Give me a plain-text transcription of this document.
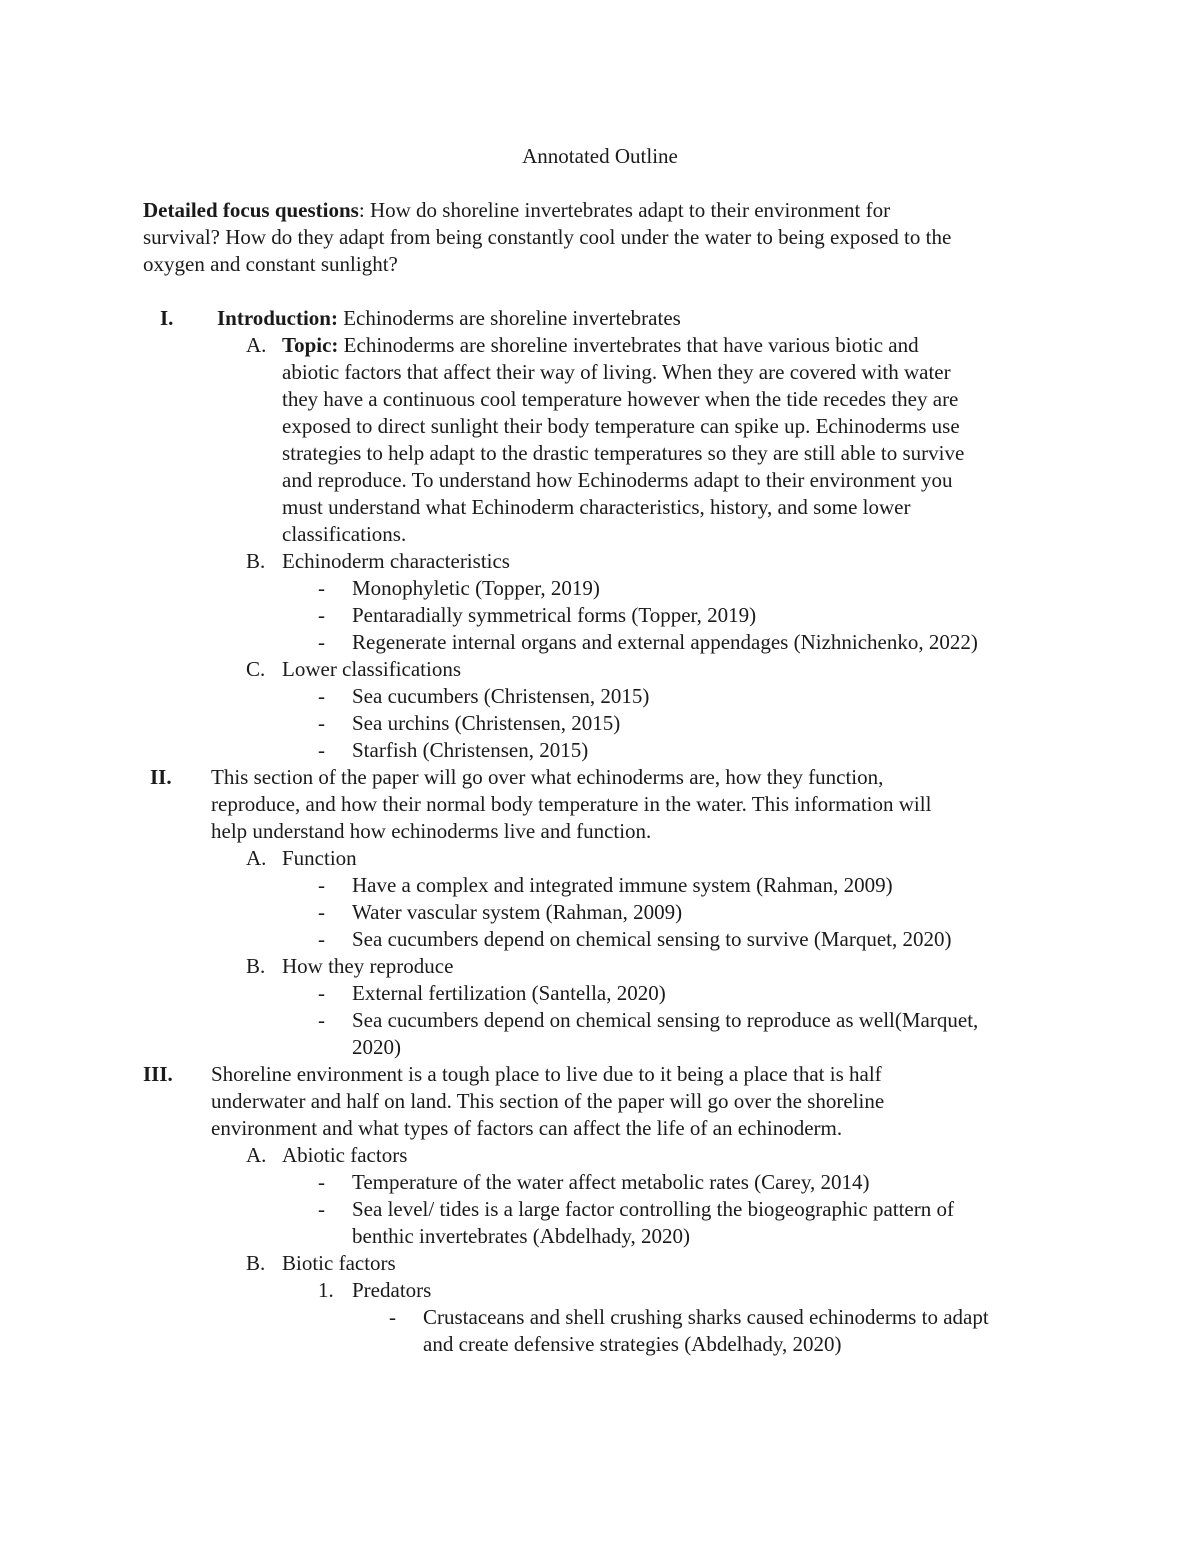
Annotated Outline
Detailed focus questions: How do shoreline invertebrates adapt to their environment for
survival? How do they adapt from being constantly cool under the water to being exposed to the
oxygen and constant sunlight?
I. Introduction: Echinoderms are shoreline invertebrates
A. Topic: Echinoderms are shoreline invertebrates that have various biotic and
abiotic factors that affect their way of living. When they are covered with water
they have a continuous cool temperature however when the tide recedes they are
exposed to direct sunlight their body temperature can spike up. Echinoderms use
strategies to help adapt to the drastic temperatures so they are still able to survive
and reproduce. To understand how Echinoderms adapt to their environment you
must understand what Echinoderm characteristics, history, and some lower
classifications.
B. Echinoderm characteristics
- Monophyletic (Topper, 2019)
- Pentaradially symmetrical forms (Topper, 2019)
- Regenerate internal organs and external appendages (Nizhnichenko, 2022)
C. Lower classifications
- Sea cucumbers (Christensen, 2015)
- Sea urchins (Christensen, 2015)
- Starfish (Christensen, 2015)
II. This section of the paper will go over what echinoderms are, how they function,
reproduce, and how their normal body temperature in the water. This information will
help understand how echinoderms live and function.
A. Function
- Have a complex and integrated immune system (Rahman, 2009)
- Water vascular system (Rahman, 2009)
- Sea cucumbers depend on chemical sensing to survive (Marquet, 2020)
B. How they reproduce
- External fertilization (Santella, 2020)
- Sea cucumbers depend on chemical sensing to reproduce as well(Marquet,
2020)
III. Shoreline environment is a tough place to live due to it being a place that is half
underwater and half on land. This section of the paper will go over the shoreline
environment and what types of factors can affect the life of an echinoderm.
A. Abiotic factors
- Temperature of the water affect metabolic rates (Carey, 2014)
- Sea level/ tides is a large factor controlling the biogeographic pattern of
benthic invertebrates (Abdelhady, 2020)
B. Biotic factors
1. Predators
- Crustaceans and shell crushing sharks caused echinoderms to adapt
and create defensive strategies (Abdelhady, 2020)
